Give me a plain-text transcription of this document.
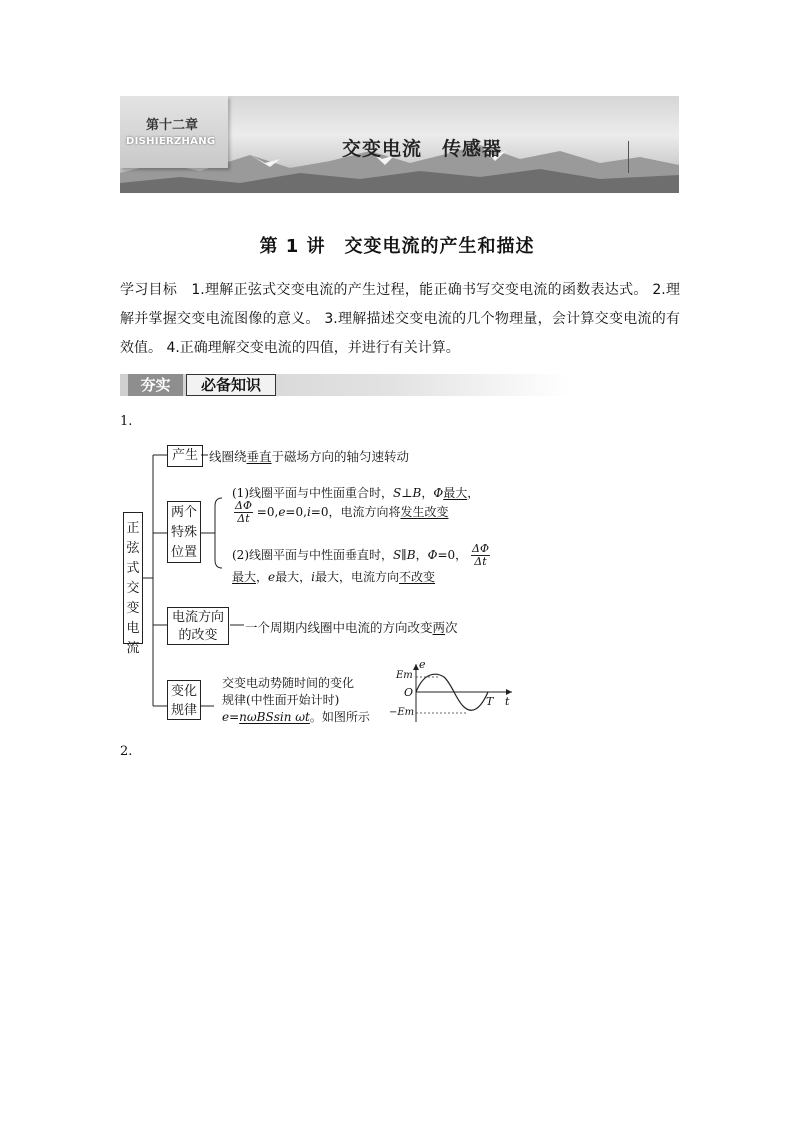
第十二章
DISHIERZHANG	交变电流　传感器
第 1 讲　交变电流的产生和描述
学习目标　1.理解正弦式交变电流的产生过程，能正确书写交变电流的函数表达式。 2.理解并掌握交变电流图像的意义。 3.理解描述交变电流的几个物理量，会计算交变电流的有效值。 4.正确理解交变电流的四值，并进行有关计算。
夯实	必备知识
1.
正弦式交变电流
产生 线圈绕垂直于磁场方向的轴匀速转动
两个特殊位置
(1)线圈平面与中性面重合时，S⊥B，Φ最大，
$\frac{\Delta\Phi}{\Delta t} =0,e=0,i=0$，电流方向将发生改变
(2)线圈平面与中性面垂直时，S∥B，Φ=0， $\frac{\Delta\Phi}{\Delta t}$
最大，e最大，i最大，电流方向不改变
电流方向的改变
一个周期内线圈中电流的方向改变两次
变化规律
交变电动势随时间的变化
规律(中性面开始计时)
e=nωBSsin ωt。如图所示
e
Em
O
−Em
T t
2.
